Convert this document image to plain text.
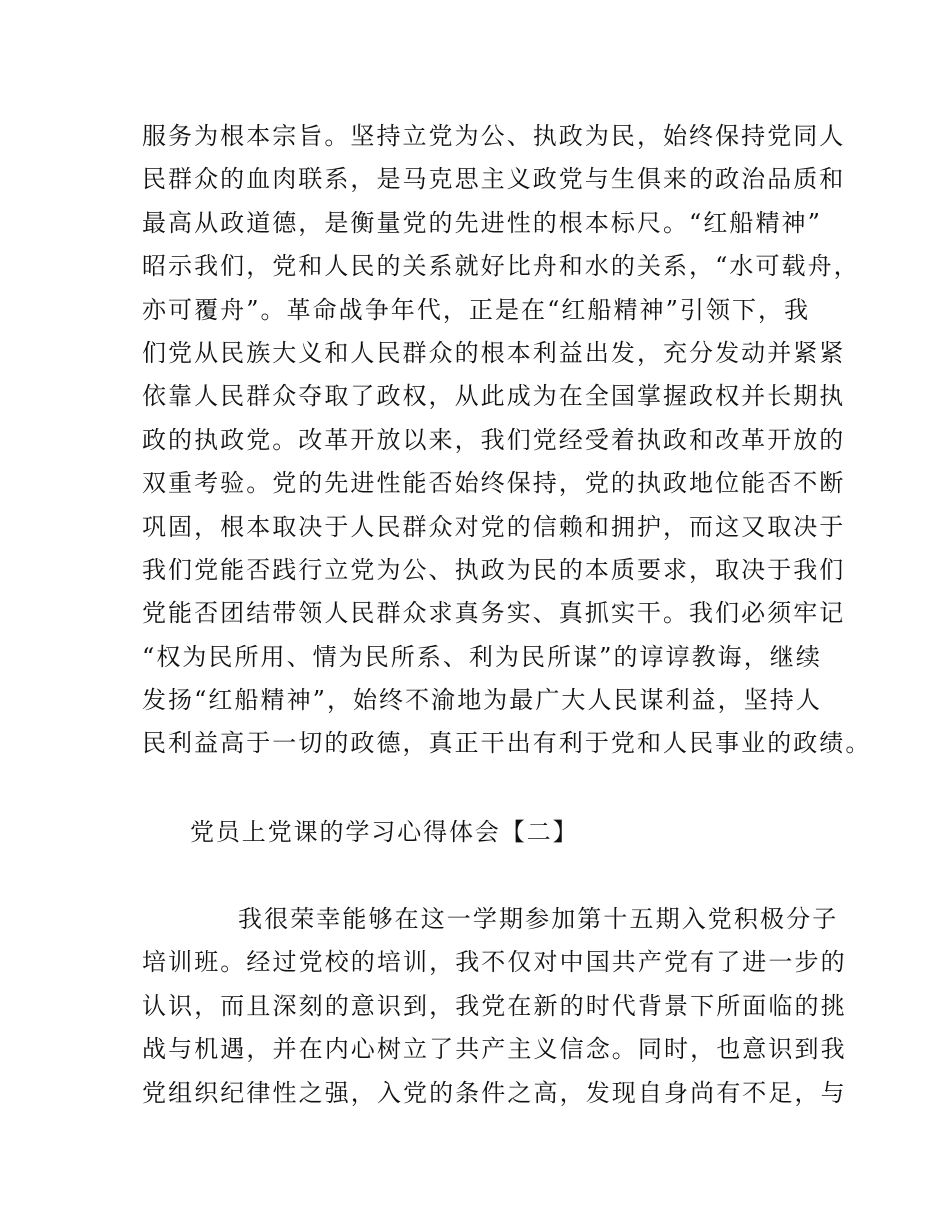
服务为根本宗旨。坚持立党为公、执政为民，始终保持党同人
民群众的血肉联系，是马克思主义政党与生俱来的政治品质和
最高从政道德，是衡量党的先进性的根本标尺。“红船精神”
昭示我们，党和人民的关系就好比舟和水的关系，“水可载舟，
亦可覆舟”。革命战争年代，正是在“红船精神”引领下，我
们党从民族大义和人民群众的根本利益出发，充分发动并紧紧
依靠人民群众夺取了政权，从此成为在全国掌握政权并长期执
政的执政党。改革开放以来，我们党经受着执政和改革开放的
双重考验。党的先进性能否始终保持，党的执政地位能否不断
巩固，根本取决于人民群众对党的信赖和拥护，而这又取决于
我们党能否践行立党为公、执政为民的本质要求，取决于我们
党能否团结带领人民群众求真务实、真抓实干。我们必须牢记
“权为民所用、情为民所系、利为民所谋”的谆谆教诲，继续
发扬“红船精神”，始终不渝地为最广大人民谋利益，坚持人
民利益高于一切的政德，真正干出有利于党和人民事业的政绩。
党员上党课的学习心得体会【二】
我很荣幸能够在这一学期参加第十五期入党积极分子
培训班。经过党校的培训，我不仅对中国共产党有了进一步的
认识，而且深刻的意识到，我党在新的时代背景下所面临的挑
战与机遇，并在内心树立了共产主义信念。同时，也意识到我
党组织纪律性之强，入党的条件之高，发现自身尚有不足，与
